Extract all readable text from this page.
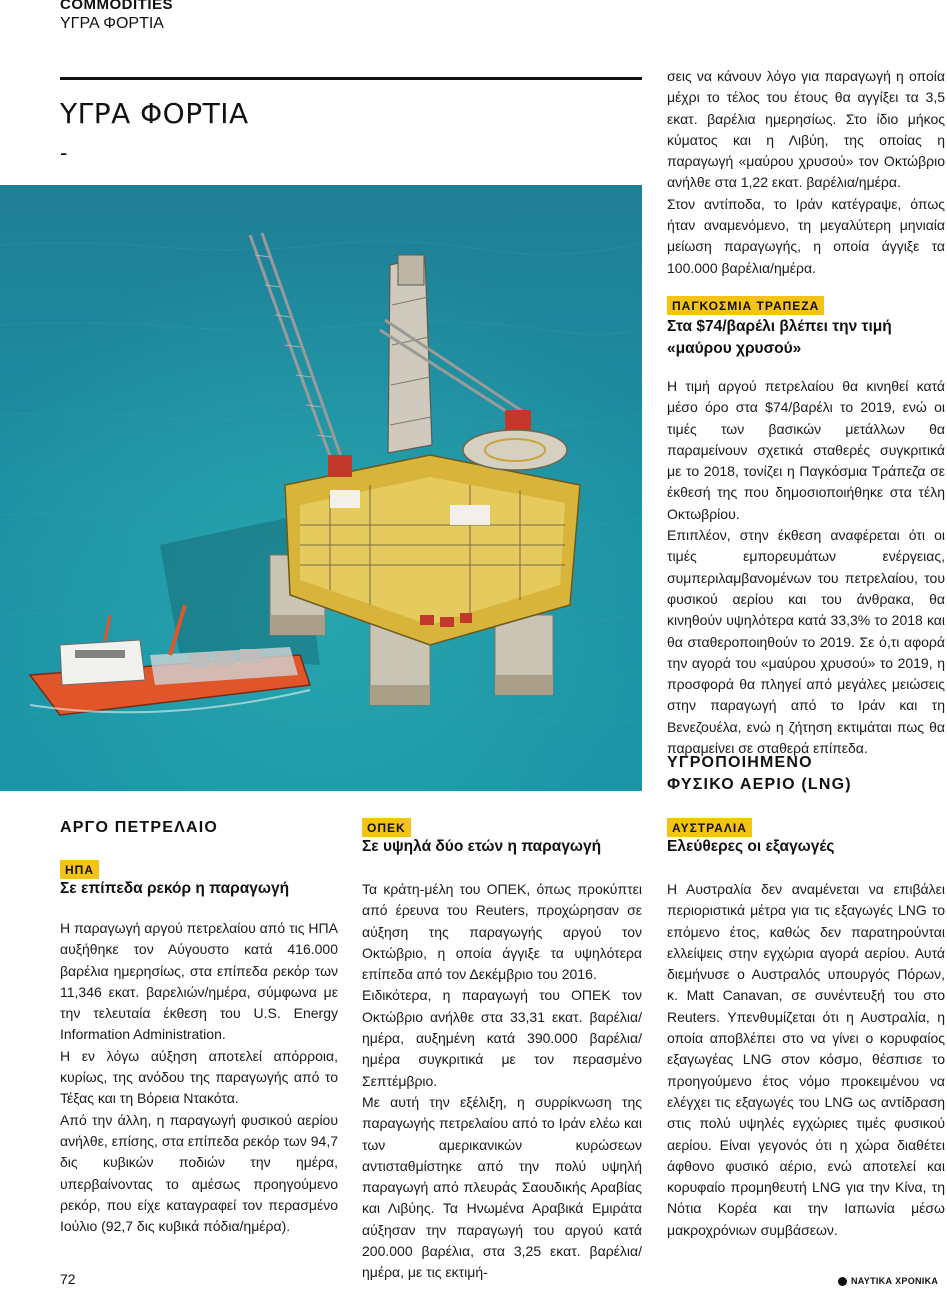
COMMODITIES
ΥΓΡΑ ΦΟΡΤΙΑ
ΥΓΡΑ ΦΟΡΤΙΑ
-

σεις να κάνουν λόγο για παραγωγή η οποία μέχρι το τέλος του έτους θα αγγίξει τα 3,5 εκατ. βαρέλια ημερησίως. Στο ίδιο μήκος κύματος και η Λιβύη, της οποίας η παραγωγή «μαύρου χρυσού» τον Οκτώβριο ανήλθε στα 1,22 εκατ. βαρέλια/ημέρα.

Στον αντίποδα, το Ιράν κατέγραψε, όπως ήταν αναμενόμενο, τη μεγαλύτερη μηνιαία μείωση παραγωγής, η οποία άγγιξε τα 100.000 βαρέλια/ημέρα.

ΠΑΓΚΟΣΜΙΑ ΤΡΑΠΕΖΑ
Στα $74/βαρέλι βλέπει την τιμή «μαύρου χρυσού»

Η τιμή αργού πετρελαίου θα κινηθεί κατά μέσο όρο στα $74/βαρέλι το 2019, ενώ οι τιμές των βασικών μετάλλων θα παραμείνουν σχετικά σταθερές συγκριτικά με το 2018, τονίζει η Παγκόσμια Τράπεζα σε έκθεσή της που δημοσιοποιήθηκε στα τέλη Οκτωβρίου.

Επιπλέον, στην έκθεση αναφέρεται ότι οι τιμές εμπορευμάτων ενέργειας, συμπεριλαμβανομένων του πετρελαίου, του φυσικού αερίου και του άνθρακα, θα κινηθούν υψηλότερα κατά 33,3% το 2018 και θα σταθεροποιηθούν το 2019. Σε ό,τι αφορά την αγορά του «μαύρου χρυσού» το 2019, η προσφορά θα πληγεί από μεγάλες μειώσεις στην παραγωγή από το Ιράν και τη Βενεζουέλα, ενώ η ζήτηση εκτιμάται πως θα παραμείνει σε σταθερά επίπεδα.

ΥΓΡΟΠΟΙΗΜΕΝΟ
ΦΥΣΙΚΟ ΑΕΡΙΟ (LNG)
ΑΥΣΤΡΑΛΙΑ
Ελεύθερες οι εξαγωγές

Η Αυστραλία δεν αναμένεται να επιβάλει περιοριστικά μέτρα για τις εξαγωγές LNG το επόμενο έτος, καθώς δεν παρατηρούνται ελλείψεις στην εγχώρια αγορά αερίου. Αυτά διεμήνυσε ο Αυστραλός υπουργός Πόρων, κ. Matt Canavan, σε συνέντευξή του στο Reuters. Υπενθυμίζεται ότι η Αυστραλία, η οποία αποβλέπει στο να γίνει ο κορυφαίος εξαγωγέας LNG στον κόσμο, θέσπισε το προηγούμενο έτος νόμο προκειμένου να ελέγχει τις εξαγωγές του LNG ως αντίδραση στις πολύ υψηλές εγχώριες τιμές φυσικού αερίου. Είναι γεγονός ότι η χώρα διαθέτει άφθονο φυσικό αέριο, ενώ αποτελεί και κορυφαίο προμηθευτή LNG για την Κίνα, τη Νότια Κορέα και την Ιαπωνία μέσω μακροχρόνιων συμβάσεων.

ΑΡΓΟ ΠΕΤΡΕΛΑΙΟ
ΗΠΑ
Σε επίπεδα ρεκόρ η παραγωγή

Η παραγωγή αργού πετρελαίου από τις ΗΠΑ αυξήθηκε τον Αύγουστο κατά 416.000 βαρέλια ημερησίως, στα επίπεδα ρεκόρ των 11,346 εκατ. βαρελιών/ημέρα, σύμφωνα με την τελευταία έκθεση του U.S. Energy Information Administration.

Η εν λόγω αύξηση αποτελεί απόρροια, κυρίως, της ανόδου της παραγωγής από το Τέξας και τη Βόρεια Ντακότα.

Από την άλλη, η παραγωγή φυσικού αερίου ανήλθε, επίσης, στα επίπεδα ρεκόρ των 94,7 δις κυβικών ποδιών την ημέρα, υπερβαίνοντας το αμέσως προηγούμενο ρεκόρ, που είχε καταγραφεί τον περασμένο Ιούλιο (92,7 δις κυβικά πόδια/ημέρα).

ΟΠΕΚ
Σε υψηλά δύο ετών η παραγωγή

Τα κράτη-μέλη του ΟΠΕΚ, όπως προκύπτει από έρευνα του Reuters, προχώρησαν σε αύξηση της παραγωγής αργού τον Οκτώβριο, η οποία άγγιξε τα υψηλότερα επίπεδα από τον Δεκέμβριο του 2016.

Ειδικότερα, η παραγωγή του ΟΠΕΚ τον Οκτώβριο ανήλθε στα 33,31 εκατ. βαρέλια/ημέρα, αυξημένη κατά 390.000 βαρέλια/ημέρα συγκριτικά με τον περασμένο Σεπτέμβριο.

Με αυτή την εξέλιξη, η συρρίκνωση της παραγωγής πετρελαίου από το Ιράν ελέω και των αμερικανικών κυρώσεων αντισταθμίστηκε από την πολύ υψηλή παραγωγή από πλευράς Σαουδικής Αραβίας και Λιβύης. Τα Ηνωμένα Αραβικά Εμιράτα αύξησαν την παραγωγή του αργού κατά 200.000 βαρέλια, στα 3,25 εκατ. βαρέλια/ημέρα, με τις εκτιμή-

72	ΝΑΥΤΙΚΑ ΧΡΟΝΙΚΑ
